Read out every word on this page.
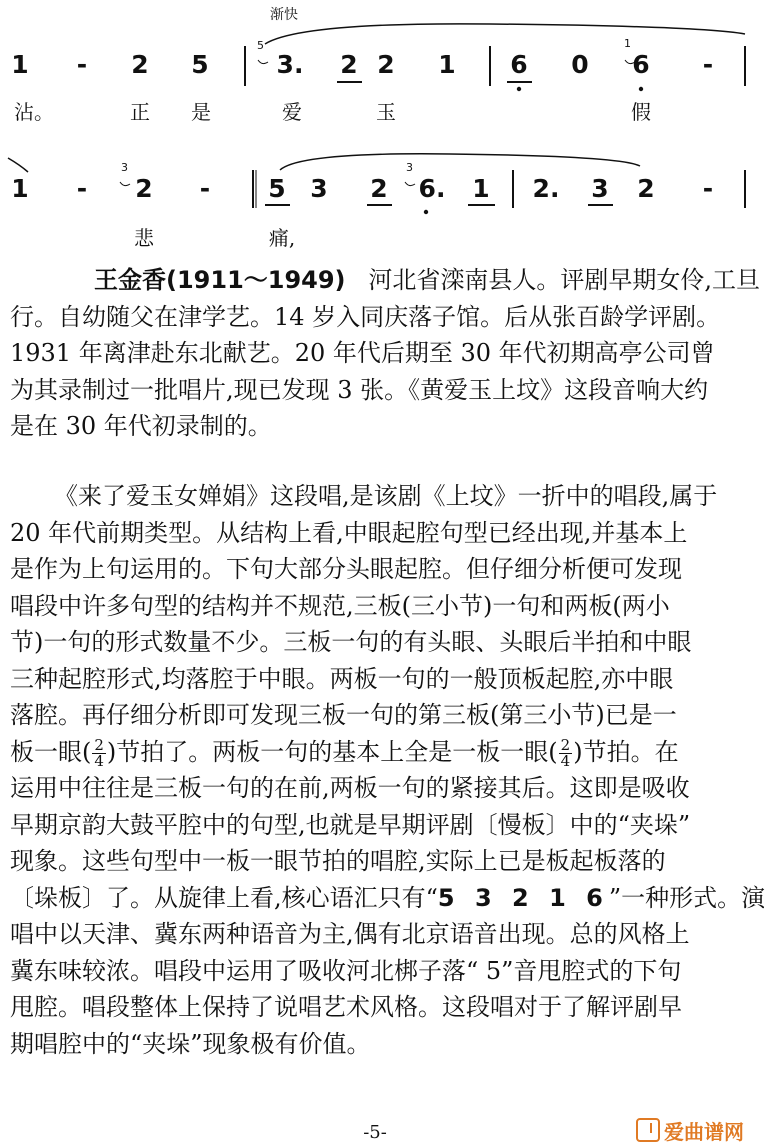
渐快
1 - 2 5	3. 2 2 1 6 0 6 -
5	1
沾。	正 是	爱	玉	假
1 - 2 - 5 3 2 6. 1 2. 3 2 -
3	3
悲	痛,
王金香(1911～1949) 河北省滦南县人。评剧早期女伶,工旦
行。自幼随父在津学艺。14 岁入同庆落子馆。后从张百龄学评剧。
1931 年离津赴东北献艺。20 年代后期至 30 年代初期高亭公司曾
为其录制过一批唱片,现已发现 3 张。《黄爱玉上坟》这段音响大约
是在 30 年代初录制的。
《来了爱玉女婵娟》这段唱,是该剧《上坟》一折中的唱段,属于
20 年代前期类型。从结构上看,中眼起腔句型已经出现,并基本上
是作为上句运用的。下句大部分头眼起腔。但仔细分析便可发现
唱段中许多句型的结构并不规范,三板(三小节)一句和两板(两小
节)一句的形式数量不少。三板一句的有头眼、头眼后半拍和中眼
三种起腔形式,均落腔于中眼。两板一句的一般顶板起腔,亦中眼
落腔。再仔细分析即可发现三板一句的第三板(第三小节)已是一
板一眼( $\frac{2}{4}$ )节拍了。两板一句的基本上全是一板一眼( $\frac{2}{4}$ )节拍。在
运用中往往是三板一句的在前,两板一句的紧接其后。这即是吸收
早期京韵大鼓平腔中的句型,也就是早期评剧〔慢板〕中的“夹垛”
现象。这些句型中一板一眼节拍的唱腔,实际上已是板起板落的
〔垛板〕了。从旋律上看,核心语汇只有“5 3 2 1 6”一种形式。演
唱中以天津、冀东两种语音为主,偶有北京语音出现。总的风格上
冀东味较浓。唱段中运用了吸收河北梆子落“ 5”音甩腔式的下句
甩腔。唱段整体上保持了说唱艺术风格。这段唱对于了解评剧早
期唱腔中的“夹垛”现象极有价值。
-5-	爱曲谱网
